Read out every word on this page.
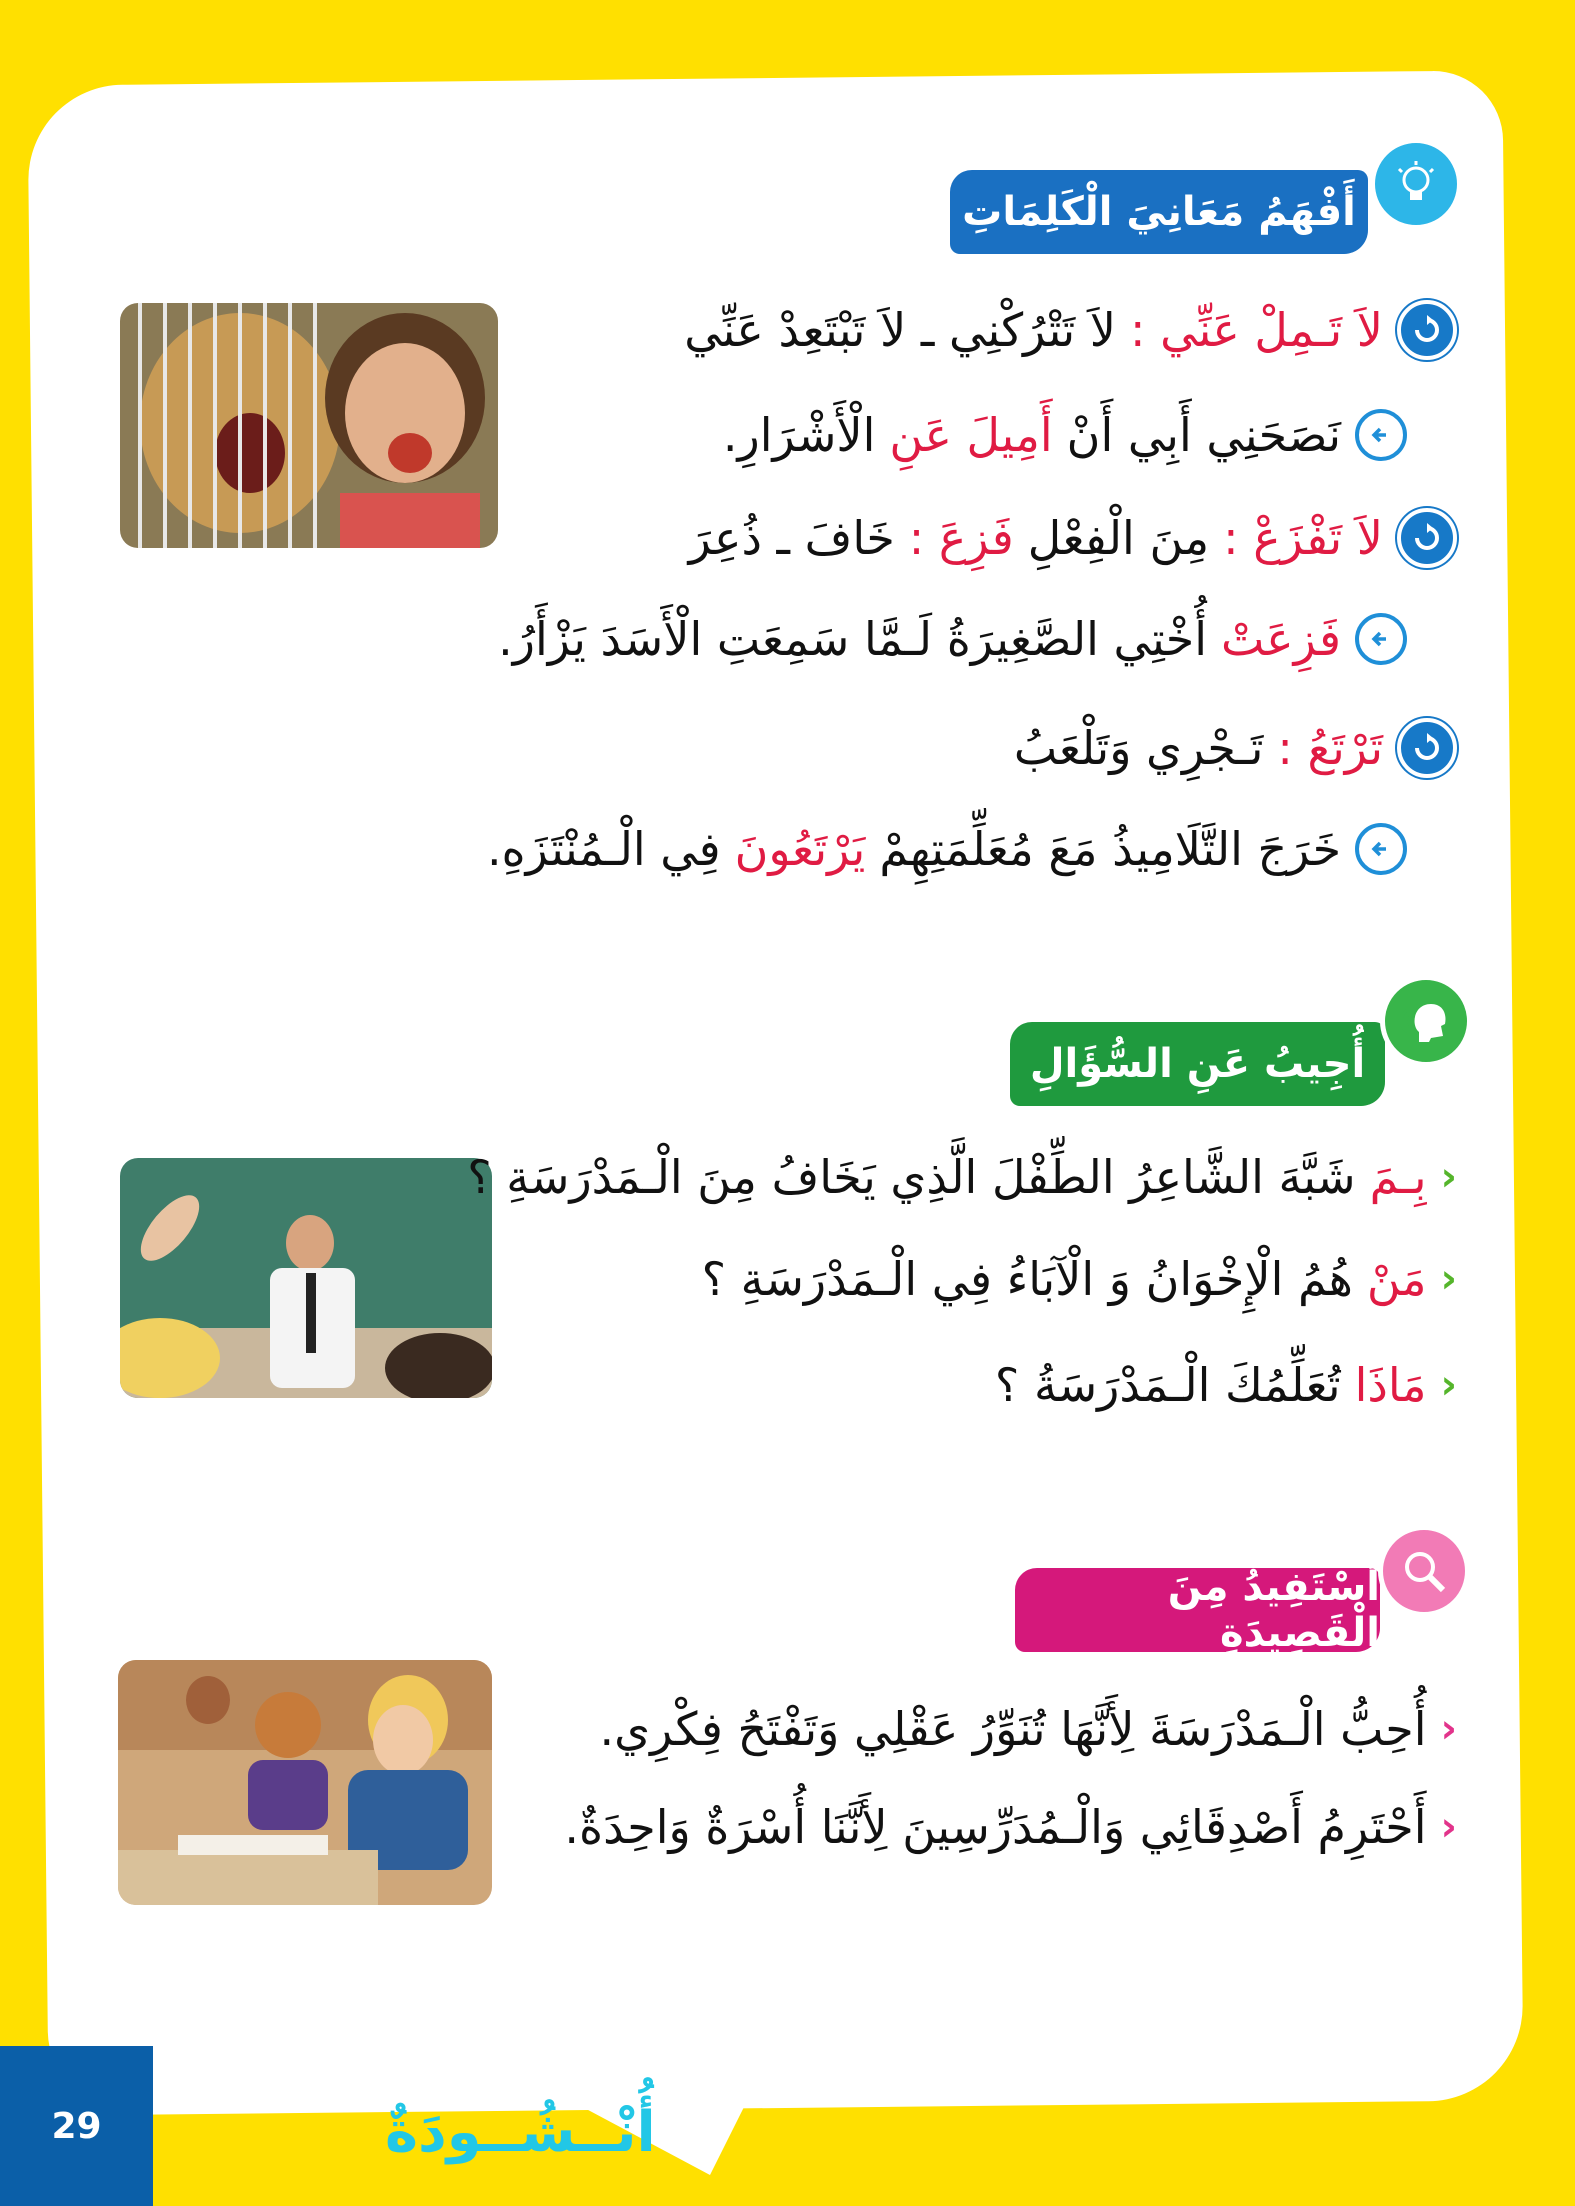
أَفْهَمُ مَعَانِيَ الْكَلِمَاتِ
لاَ تَـمِلْ عَنِّي :
لاَ تَتْرُكْنِي ـ لاَ تَبْتَعِدْ عَنِّي
نَصَحَنِي أَبِي أَنْ
أَمِيلَ عَنِ
الْأَشْرَارِ.
لاَ تَفْزَعْ :
مِنَ الْفِعْلِ
فَزِعَ :
خَافَ ـ ذُعِرَ
فَزِعَتْ
أُخْتِي الصَّغِيرَةُ لَـمَّا سَمِعَتِ الْأَسَدَ يَزْأَرُ.
تَرْتَعُ :
تَـجْرِي وَتَلْعَبُ
خَرَجَ التَّلَامِيذُ مَعَ مُعَلِّمَتِهِمْ
يَرْتَعُونَ
فِي الْـمُنْتَزَهِ.
أُجِيبُ عَنِ السُّؤَالِ
‹
بِـمَ
شَبَّهَ الشَّاعِرُ الطِّفْلَ الَّذِي يَخَافُ مِنَ الْـمَدْرَسَةِ ؟
‹
مَنْ
هُمُ الْإِخْوَانُ وَ الْآبَاءُ فِي الْـمَدْرَسَةِ ؟
‹
مَاذَا
تُعَلِّمُكَ الْـمَدْرَسَةُ ؟
أَسْتَفِيدُ مِنَ الْقَصِيدَةِ
‹
أُحِبُّ الْـمَدْرَسَةَ لِأَنَّهَا تُنَوِّرُ عَقْلِي وَتَفْتَحُ فِكْرِي.
‹
أَحْتَرِمُ أَصْدِقَائِي وَالْـمُدَرِّسِينَ لِأَنَّنَا أُسْرَةٌ وَاحِدَةٌ.
29	أُنْــشُــودَةٌ
